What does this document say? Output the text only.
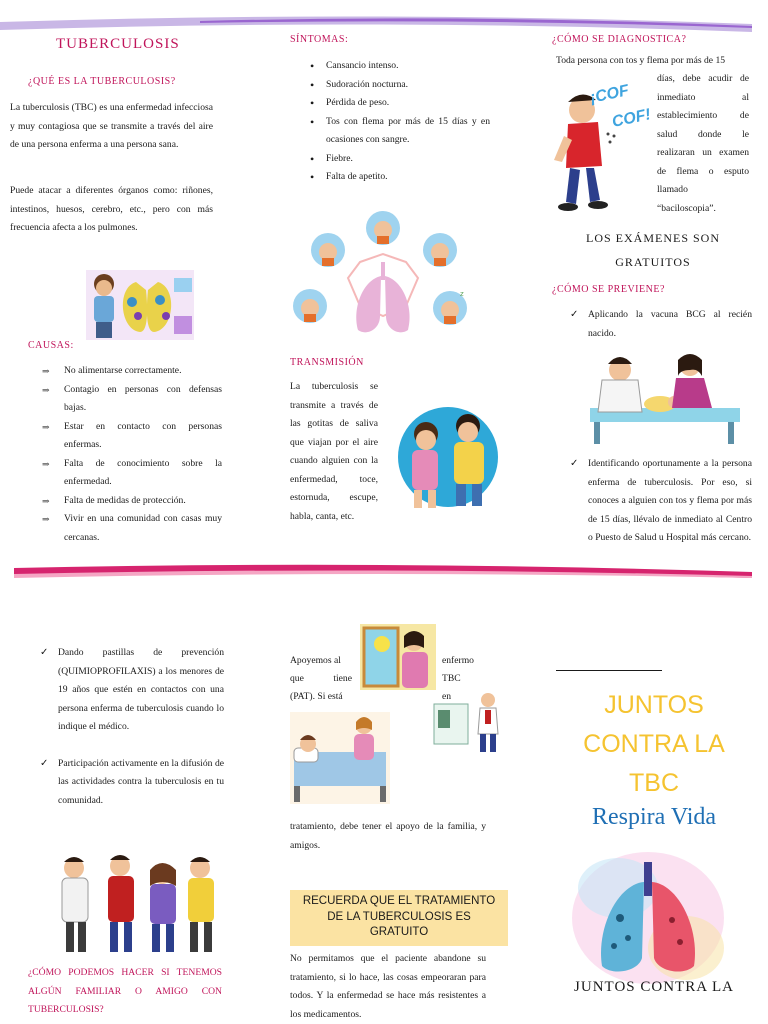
TUBERCULOSIS
¿QUÉ ES LA TUBERCULOSIS?

La tuberculosis (TBC) es una enfermedad infecciosa y muy contagiosa que se transmite a través del aire de una persona enferma a una persona sana.

Puede atacar a diferentes órganos como: riñones, intestinos, huesos, cerebro, etc., pero con más frecuencia afecta a los pulmones.

CAUSAS:
⇒ No alimentarse correctamente.
⇒ Contagio en personas con defensas bajas.
⇒ Estar en contacto con personas enfermas.
⇒ Falta de conocimiento sobre la enfermedad.
⇒ Falta de medidas de protección.
⇒ Vivir en una comunidad con casas muy cercanas.
SÍNTOMAS:
• Cansancio intenso.
• Sudoración nocturna.
• Pérdida de peso.
• Tos con flema por más de 15 días y en ocasiones con sangre.
• Fiebre.
• Falta de apetito.
z
TRANSMISIÓN

La tuberculosis se transmite a través de las gotitas de saliva que viajan por el aire cuando alguien con la enfermedad, toce, estornuda, escupe, habla, canta, etc.

¿CÓMO SE DIAGNOSTICA?

Toda persona con tos y flema por más de 15

días, debe acudir de inmediato al establecimiento de salud donde le realizaran un examen de flema o esputo llamado “baciloscopia”.

¡COF
COF!
LOS EXÁMENES SON GRATUITOS
¿CÓMO SE PREVIENE?
✓ Aplicando la vacuna BCG al recién nacido.
✓ Identificando oportunamente a la persona enferma de tuberculosis. Por eso, si conoces a alguien con tos y flema por más de 15 días, llévalo de inmediato al Centro o Puesto de Salud u Hospital más cercano.
✓ Dando pastillas de prevención (QUIMIOPROFILAXIS) a los menores de 19 años que estén en contactos con una persona enferma de tuberculosis cuando lo indique el médico.
✓ Participación activamente en la difusión de las actividades contra la tuberculosis en tu comunidad.

¿CÓMO PODEMOS HACER SI TENEMOS ALGÚN FAMILIAR O AMIGO CON TUBERCULOSIS?

Apoyemos al
que tiene
(PAT). Si está
enfermo
TBC
en

tratamiento, debe tener el apoyo de la familia, y amigos.

RECUERDA QUE EL TRATAMIENTO DE LA TUBERCULOSIS ES GRATUITO

No permitamos que el paciente abandone su tratamiento, si lo hace, las cosas empeoraran para todos. Y la enfermedad se hace más resistentes a los medicamentos.

JUNTOS CONTRA LA TBC
Respira Vida
JUNTOS CONTRA LA
